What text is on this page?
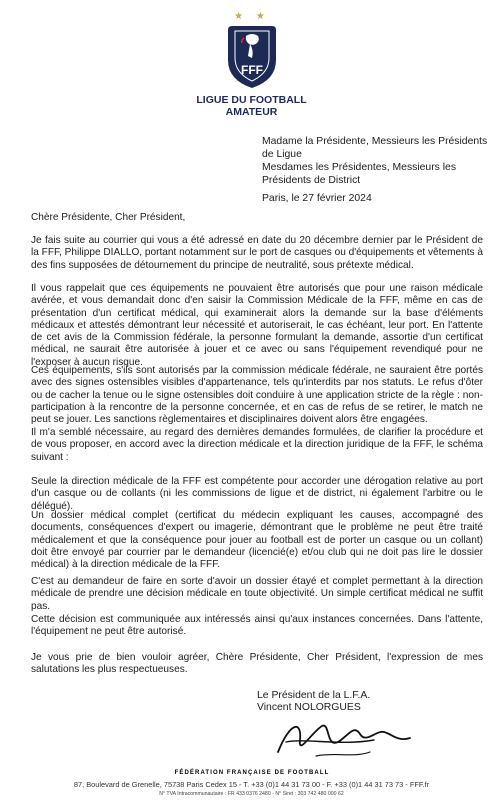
★ ★
FFF
LIGUE DU FOOTBALL
AMATEUR
Madame la Présidente, Messieurs les Présidents de Ligue
Mesdames les Présidentes, Messieurs les Présidents de District
Paris, le 27 février 2024
Chère Présidente, Cher Président,
Je fais suite au courrier qui vous a été adressé en date du 20 décembre dernier par le Président de la FFF, Philippe DIALLO, portant notamment sur le port de casques ou d'équipements et vêtements à des fins supposées de détournement du principe de neutralité, sous prétexte médical.
Il vous rappelait que ces équipements ne pouvaient être autorisés que pour une raison médicale avérée, et vous demandait donc d'en saisir la Commission Médicale de la FFF, même en cas de présentation d'un certificat médical, qui examinerait alors la demande sur la base d'éléments médicaux et attestés démontrant leur nécessité et autoriserait, le cas échéant, leur port. En l'attente de cet avis de la Commission fédérale, la personne formulant la demande, assortie d'un certificat médical, ne saurait être autorisée à jouer et ce avec ou sans l'équipement revendiqué pour ne l'exposer à aucun risque.
Ces équipements, s'ils sont autorisés par la commission médicale fédérale, ne sauraient être portés avec des signes ostensibles visibles d'appartenance, tels qu'interdits par nos statuts. Le refus d'ôter ou de cacher la tenue ou le signe ostensibles doit conduire à une application stricte de la règle : non-participation à la rencontre de la personne concernée, et en cas de refus de se retirer, le match ne peut se jouer. Les sanctions règlementaires et disciplinaires doivent alors être engagées.
Il m'a semblé nécessaire, au regard des dernières demandes formulées, de clarifier la procédure et de vous proposer, en accord avec la direction médicale et la direction juridique de la FFF, le schéma suivant :
Seule la direction médicale de la FFF est compétente pour accorder une dérogation relative au port d'un casque ou de collants (ni les commissions de ligue et de district, ni également l'arbitre ou le délégué).
Un dossier médical complet (certificat du médecin expliquant les causes, accompagné des documents, conséquences d'expert ou imagerie, démontrant que le problème ne peut être traité médicalement et que la conséquence pour jouer au football est de porter un casque ou un collant) doit être envoyé par courrier par le demandeur (licencié(e) et/ou club qui ne doit pas lire le dossier médical) à la direction médicale de la FFF.
C'est au demandeur de faire en sorte d'avoir un dossier étayé et complet permettant à la direction médicale de prendre une décision médicale en toute objectivité. Un simple certificat médical ne suffit pas.
Cette décision est communiquée aux intéressés ainsi qu'aux instances concernées. Dans l'attente, l'équipement ne peut être autorisé.
Je vous prie de bien vouloir agréer, Chère Présidente, Cher Président, l'expression de mes salutations les plus respectueuses.
Le Président de la L.F.A.
Vincent NOLORGUES
FÉDÉRATION FRANÇAISE DE FOOTBALL
87, Boulevard de Grenelle, 75738 Paris Cedex 15 - T. +33 (0)1 44 31 73 00 - F. +33 (0)1 44 31 73 73 - FFF.fr
N° TVA Intracommunautaire : FR 433 0376 2480 - N° Siret : 303 742 480 000 62
